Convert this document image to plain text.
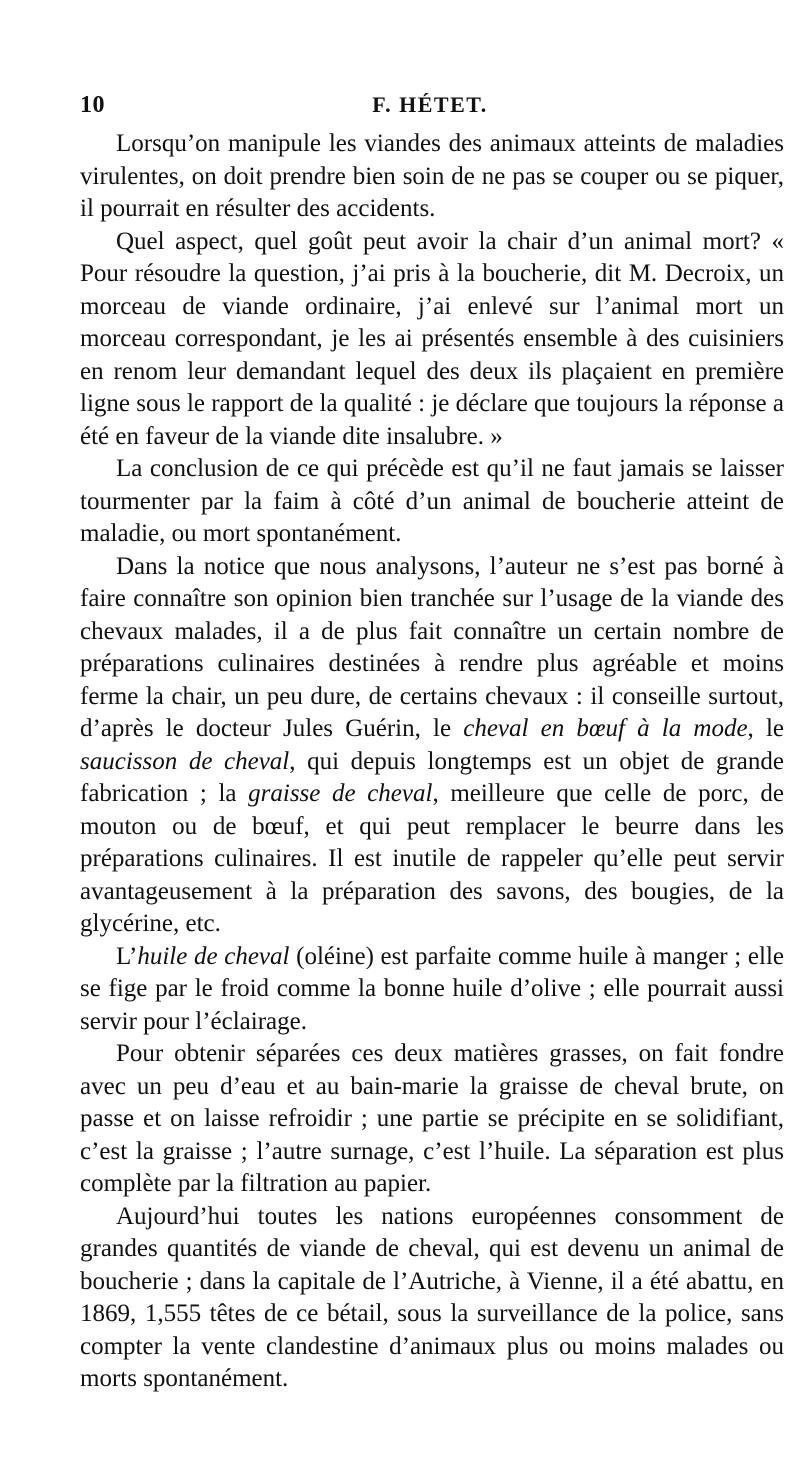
10	F. HÉTET.

Lorsqu’on manipule les viandes des animaux atteints de maladies virulentes, on doit prendre bien soin de ne pas se couper ou se piquer, il pourrait en résulter des accidents.

Quel aspect, quel goût peut avoir la chair d’un animal mort? « Pour résoudre la question, j’ai pris à la boucherie, dit M. Decroix, un morceau de viande ordinaire, j’ai enlevé sur l’animal mort un morceau correspondant, je les ai présentés ensemble à des cuisiniers en renom leur demandant lequel des deux ils plaçaient en première ligne sous le rapport de la qualité : je déclare que toujours la réponse a été en faveur de la viande dite insalubre. »

La conclusion de ce qui précède est qu’il ne faut jamais se laisser tourmenter par la faim à côté d’un animal de boucherie atteint de maladie, ou mort spontanément.

Dans la notice que nous analysons, l’auteur ne s’est pas borné à faire connaître son opinion bien tranchée sur l’usage de la viande des chevaux malades, il a de plus fait connaître un certain nombre de préparations culinaires destinées à rendre plus agréable et moins ferme la chair, un peu dure, de certains chevaux : il conseille surtout, d’après le docteur Jules Guérin, le cheval en bœuf à la mode, le saucisson de cheval, qui depuis longtemps est un objet de grande fabrication ; la graisse de cheval, meilleure que celle de porc, de mouton ou de bœuf, et qui peut remplacer le beurre dans les préparations culinaires. Il est inutile de rappeler qu’elle peut servir avantageusement à la préparation des savons, des bougies, de la glycérine, etc.

L’huile de cheval (oléine) est parfaite comme huile à manger ; elle se fige par le froid comme la bonne huile d’olive ; elle pourrait aussi servir pour l’éclairage.

Pour obtenir séparées ces deux matières grasses, on fait fondre avec un peu d’eau et au bain-marie la graisse de cheval brute, on passe et on laisse refroidir ; une partie se précipite en se solidifiant, c’est la graisse ; l’autre surnage, c’est l’huile. La séparation est plus complète par la filtration au papier.

Aujourd’hui toutes les nations européennes consomment de grandes quantités de viande de cheval, qui est devenu un animal de boucherie ; dans la capitale de l’Autriche, à Vienne, il a été abattu, en 1869, 1,555 têtes de ce bétail, sous la surveillance de la police, sans compter la vente clandestine d’animaux plus ou moins malades ou morts spontanément.
